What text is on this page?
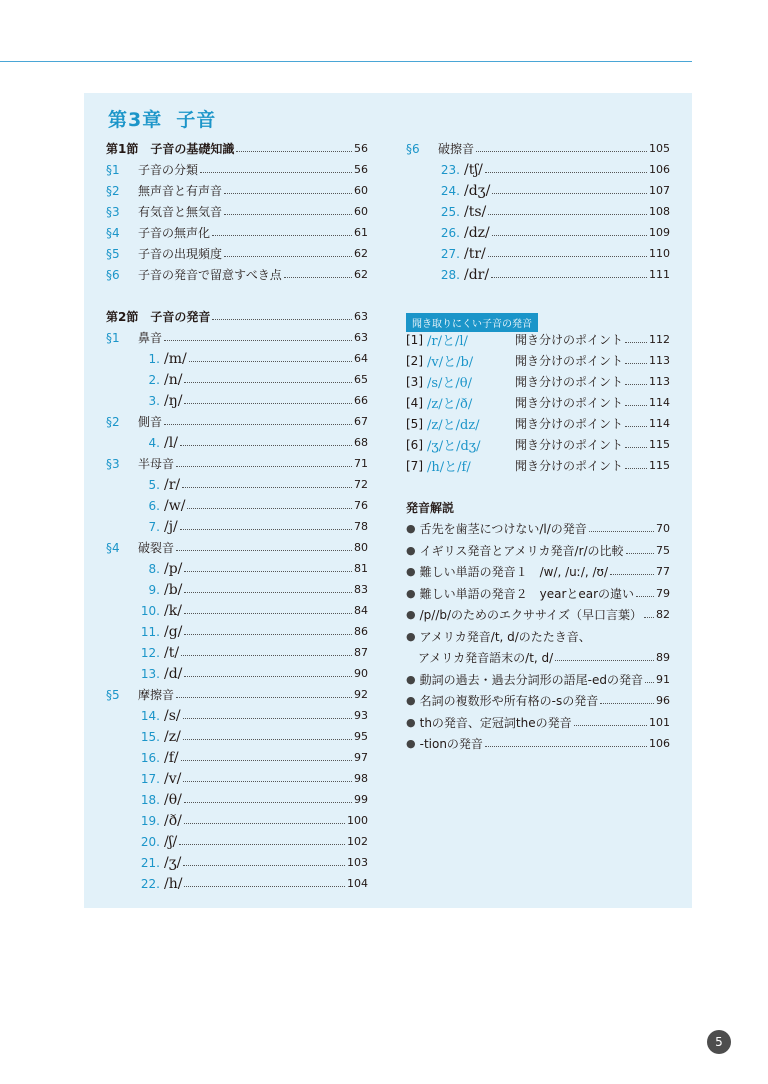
第3章 子音
第1節　子音の基礎知識	56
§1	子音の分類	56
§2	無声音と有声音	60
§3	有気音と無気音	60
§4	子音の無声化	61
§5	子音の出現頻度	62
§6	子音の発音で留意すべき点	62
第2節　子音の発音	63
§1	鼻音	63
1. /m/	64
2. /n/	65
3. /ŋ/	66
§2	側音	67
4. /l/	68
§3	半母音	71
5. /r/	72
6. /w/	76
7. /j/	78
§4	破裂音	80
8. /p/	81
9. /b/	83
10. /k/	84
11. /g/	86
12. /t/	87
13. /d/	90
§5	摩擦音	92
14. /s/	93
15. /z/	95
16. /f/	97
17. /v/	98
18. /θ/	99
19. /ð/	100
20. /ʃ/	102
21. /ʒ/	103
22. /h/	104
§6	破擦音	105
23. /tʃ/	106
24. /dʒ/	107
25. /ts/	108
26. /dz/	109
27. /tr/	110
28. /dr/	111
聞き取りにくい子音の発音
[1] /r/と/l/	聞き分けのポイント 112
[2] /v/と/b/	聞き分けのポイント 113
[3] /s/と/θ/	聞き分けのポイント 113
[4] /z/と/ð/	聞き分けのポイント 114
[5] /z/と/dz/	聞き分けのポイント 114
[6] /ʒ/と/dʒ/	聞き分けのポイント 115
[7] /h/と/f/	聞き分けのポイント 115
発音解説
● 舌先を歯茎につけない/l/の発音	70
● イギリス発音とアメリカ発音/r/の比較	75
● 難しい単語の発音１　/w/, /uː/, /ʊ/	77
● 難しい単語の発音２　yearとearの違い 79
● /p//b/のためのエクササイズ（早口言葉） 82
● アメリカ発音/t, d/のたたき音、
アメリカ発音語末の/t, d/	89
● 動詞の過去・過去分詞形の語尾-edの発音 91
● 名詞の複数形や所有格の-sの発音	96
● thの発音、定冠詞theの発音	101
● -tionの発音	106
5
